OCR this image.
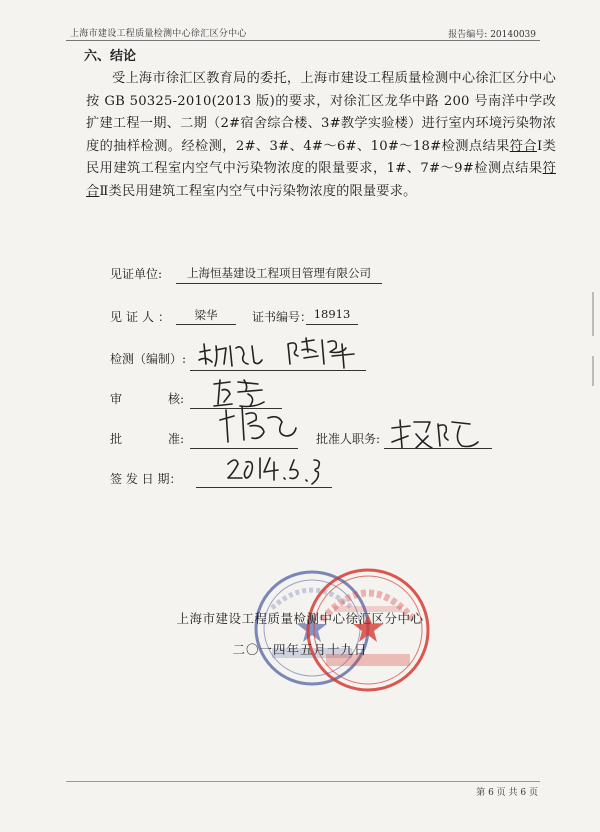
上海市建设工程质量检测中心徐汇区分中心	报告编号: 20140039
六、结论
受上海市徐汇区教育局的委托，上海市建设工程质量检测中心徐汇区分中心按 GB 50325-2010(2013 版)的要求，对徐汇区龙华中路 200 号南洋中学改扩建工程一期、二期（2#宿舍综合楼、3#教学实验楼）进行室内环境污染物浓度的抽样检测。经检测，2#、3#、4#～6#、10#～18#检测点结果符合Ⅰ类民用建筑工程室内空气中污染物浓度的限量要求，1#、7#～9#检测点结果符合Ⅱ类民用建筑工程室内空气中污染物浓度的限量要求。
见证单位:	上海恒基建设工程项目管理有限公司
见证人：	梁华	证书编号： 18913
检测（编制）:
审	核:
批	准:	批准人职务:
签 发 日 期：
上海市建设工程质量检测中心徐汇区分中心
二〇一四年五月十九日
第 6 页 共 6 页
